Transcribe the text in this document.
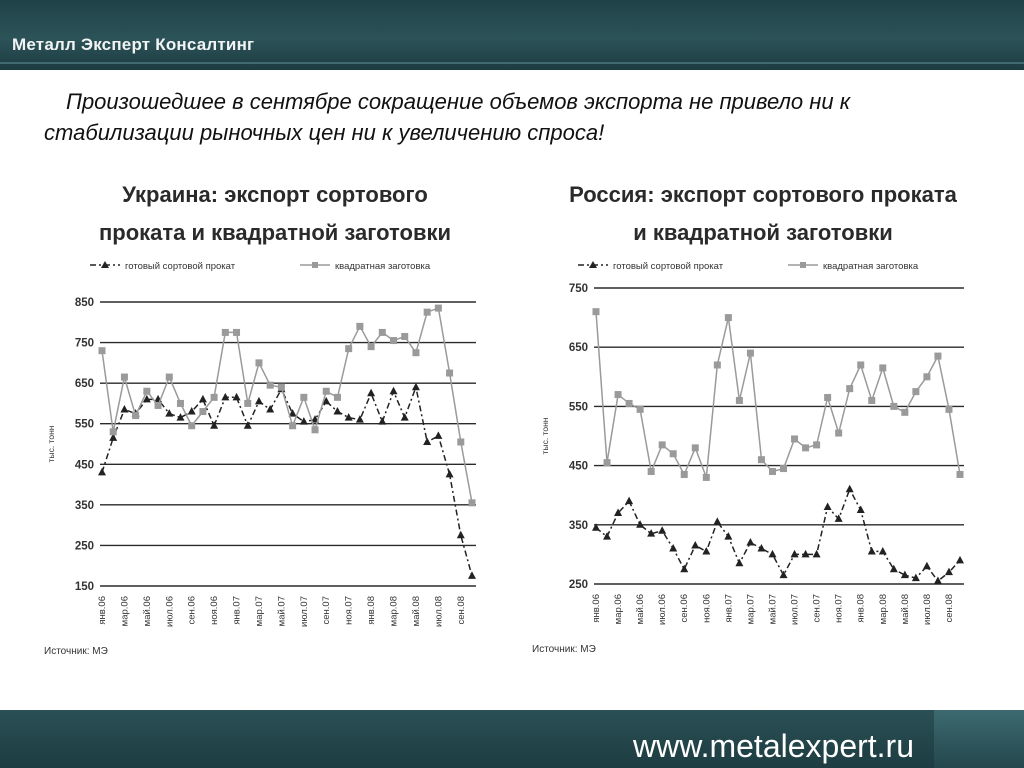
Металл Эксперт Консалтинг
Произошедшее в сентябре сокращение объемов экспорта не привело ни к стабилизации рыночных цен ни к увеличению спроса!
Украина: экспорт сортового
проката и квадратной заготовки
готовый сортовой прокат	квадратная заготовка
150
250
350
450
550
650
750
850
тыс. тонн
янв.06 мар.06 май.06 июл.06 сен.06 ноя.06 янв.07 мар.07 май.07 июл.07 сен.07 ноя.07 янв.08 мар.08 май.08 июл.08 сен.08
Источник: МЭ
Россия: экспорт сортового проката
и квадратной заготовки
готовый сортовой прокат	квадратная заготовка
250
350
450
550
650
750
тыс. тонн
янв.06 мар.06 май.06 июл.06 сен.06 ноя.06 янв.07 мар.07 май.07 июл.07 сен.07 ноя.07 янв.08 мар.08 май.08 июл.08 сен.08
Источник: МЭ
www.metalexpert.ru
